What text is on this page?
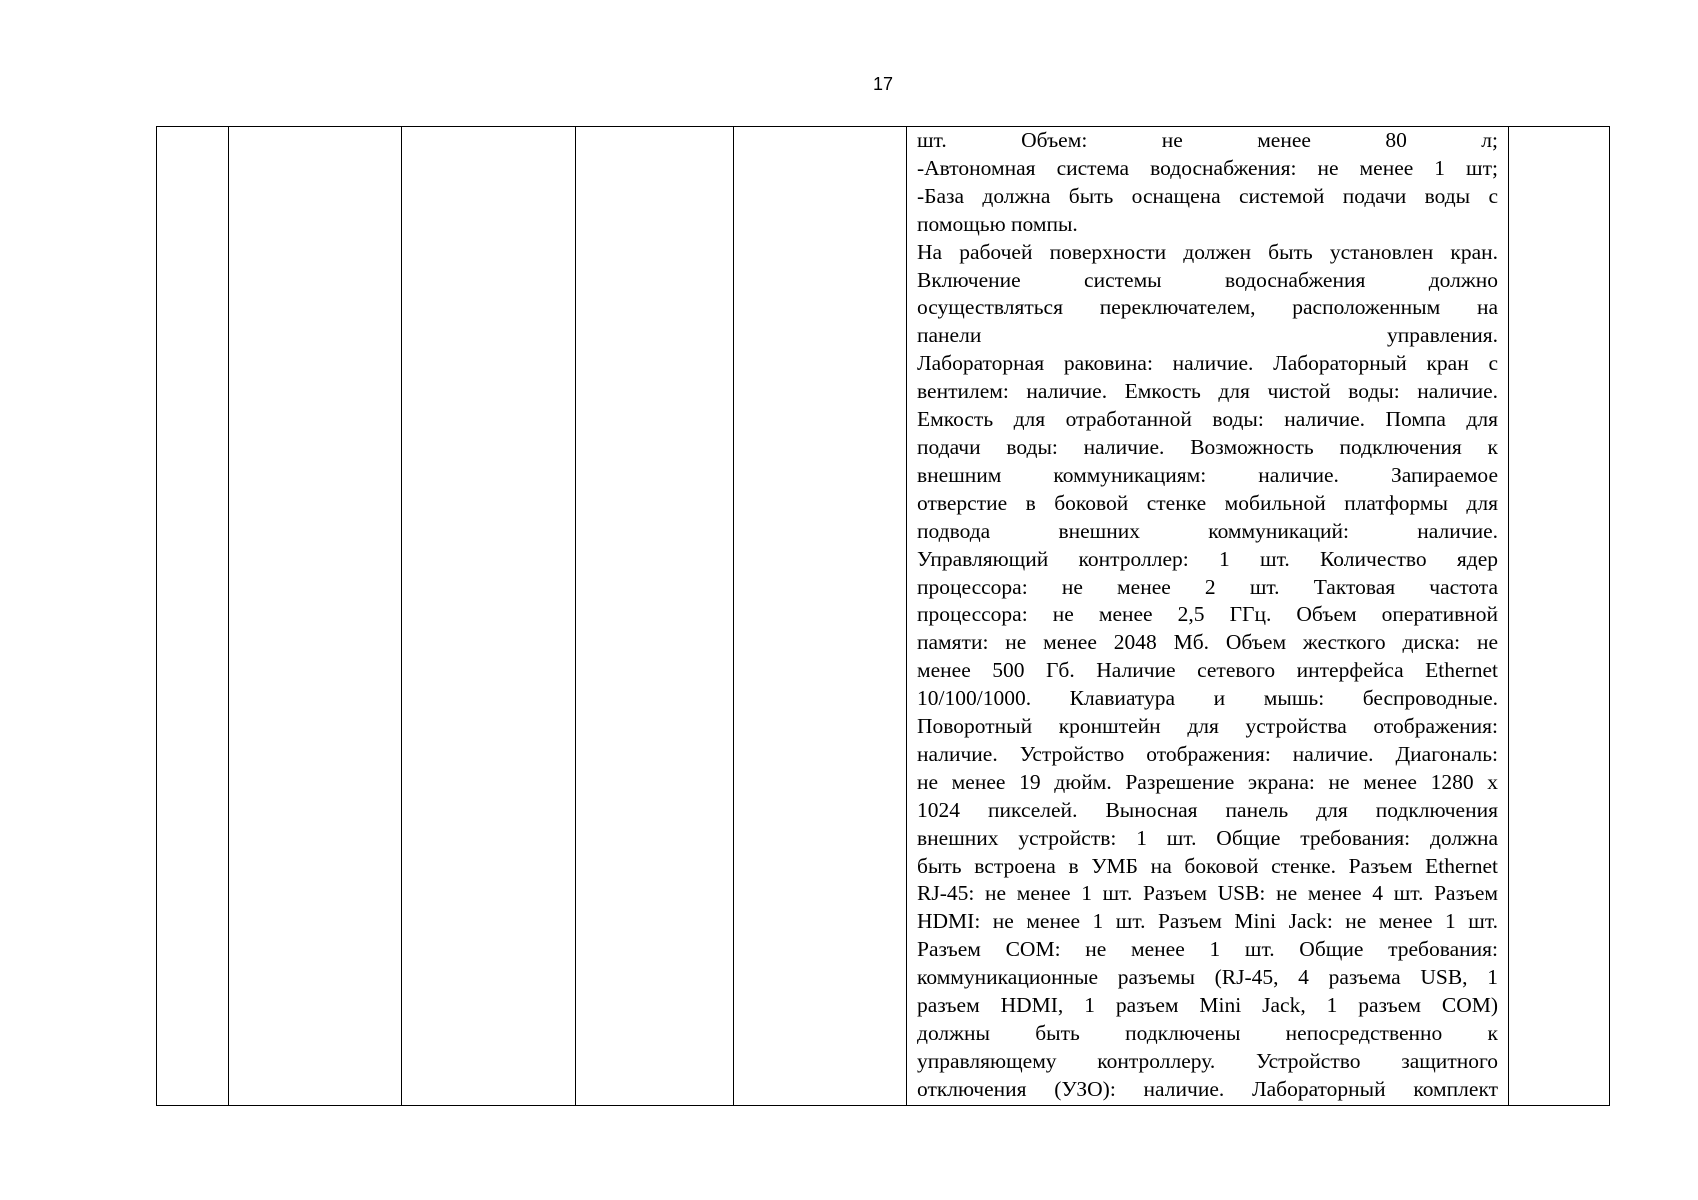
17

шт. Объем: не менее 80 л;
-Автономная система водоснабжения: не менее 1 шт;
-База должна быть оснащена системой подачи воды с
помощью помпы.
На рабочей поверхности должен быть установлен кран.
Включение системы водоснабжения должно
осуществляться переключателем, расположенным на
панели управления.
Лабораторная раковина: наличие. Лабораторный кран с
вентилем: наличие. Емкость для чистой воды: наличие.
Емкость для отработанной воды: наличие. Помпа для
подачи воды: наличие. Возможность подключения к
внешним коммуникациям: наличие. Запираемое
отверстие в боковой стенке мобильной платформы для
подвода внешних коммуникаций: наличие.
Управляющий контроллер: 1 шт. Количество ядер
процессора: не менее 2 шт. Тактовая частота
процессора: не менее 2,5 ГГц. Объем оперативной
памяти: не менее 2048 Мб. Объем жесткого диска: не
менее 500 Гб. Наличие сетевого интерфейса Ethernet
10/100/1000. Клавиатура и мышь: беспроводные.
Поворотный кронштейн для устройства отображения:
наличие. Устройство отображения: наличие. Диагональ:
не менее 19 дюйм. Разрешение экрана: не менее 1280 x
1024 пикселей. Выносная панель для подключения
внешних устройств: 1 шт. Общие требования: должна
быть встроена в УМБ на боковой стенке. Разъем Ethernet
RJ-45: не менее 1 шт. Разъем USB: не менее 4 шт. Разъем
HDMI: не менее 1 шт. Разъем Mini Jack: не менее 1 шт.
Разъем COM: не менее 1 шт. Общие требования:
коммуникационные разъемы (RJ-45, 4 разъема USB, 1
разъем HDMI, 1 разъем Mini Jack, 1 разъем COM)
должны быть подключены непосредственно к
управляющему контроллеру. Устройство защитного
отключения (УЗО): наличие. Лабораторный комплект
